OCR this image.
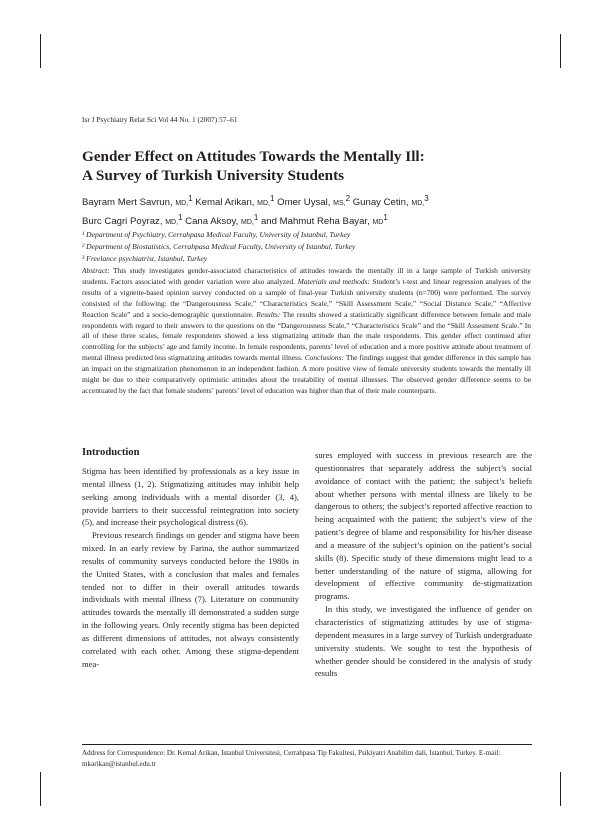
Isr J Psychiatry Relat Sci Vol 44 No. 1 (2007) 57–61
Gender Effect on Attitudes Towards the Mentally Ill:
A Survey of Turkish University Students
Bayram Mert Savrun, MD,$^1$ Kemal Arikan, MD,$^1$ Omer Uysal, MS,$^2$ Gunay Cetin, MD,$^3$
Burc Cagri Poyraz, MD,$^1$ Cana Aksoy, MD,$^1$ and Mahmut Reha Bayar, $MD^1$
¹ Department of Psychiatry, Cerrahpasa Medical Faculty, University of Istanbul, Turkey
² Department of Biostatistics, Cerrahpasa Medical Faculty, University of Istanbul, Turkey
³ Freelance psychiatrist, Istanbul, Turkey

Abstract: This study investigates gender-associated characteristics of attitudes towards the mentally ill in a large sample of Turkish university students. Factors associated with gender variation were also analyzed. Materials and methods: Student’s t-test and linear regression analyses of the results of a vignette-based opinion survey conducted on a sample of final-year Turkish university students (n=700) were performed. The survey consisted of the following: the “Dangerousness Scale,” “Characteristics Scale,” “Skill Assessment Scale,” “Social Distance Scale,” “Affective Reaction Scale” and a socio-demographic questionnaire. Results: The results showed a statistically significant difference between female and male respondents with regard to their answers to the questions on the “Dangerousness Scale,” “Characteristics Scale” and the “Skill Assesment Scale.” In all of these three scales, female respondents showed a less stigmatizing attitude than the male respondents. This gender effect continued after controlling for the subjects’ age and family income. In female respondents, parents’ level of education and a more positive attitude about treatment of mental illness predicted less stigmatizing attitudes towards mental illness. Conclusions: The findings suggest that gender difference in this sample has an impact on the stigmatization phenomenon in an independent fashion. A more positive view of female university students towards the mentally ill might be due to their comparatively optimistic attitudes about the treatability of mental illnesses. The observed gender difference seems to be accentuated by the fact that female students’ parents’ level of education was higher than that of their male counterparts.

Introduction

Stigma has been identified by professionals as a key issue in mental illness (1, 2). Stigmatizing attitudes may inhibit help seeking among individuals with a mental disorder (3, 4), provide barriers to their successful reintegration into society (5), and increase their psychological distress (6).

Previous research findings on gender and stigma have been mixed. In an early review by Farina, the author summarized results of community surveys conducted before the 1980s in the United States, with a conclusion that males and females tended not to differ in their overall attitudes towards individuals with mental illness (7). Literature on community attitudes towards the mentally ill demonstrated a sudden surge in the following years. Only recently stigma has been depicted as different dimensions of attitudes, not always consistently correlated with each other. Among these stigma-dependent mea-

sures employed with success in previous research are the questionnaires that separately address the subject’s social avoidance of contact with the patient; the subject’s beliefs about whether persons with mental illness are likely to be dangerous to others; the subject’s reported affective reaction to being acquainted with the patient; the subject’s view of the patient’s degree of blame and responsibility for his/her disease and a measure of the subject’s opinion on the patient’s social skills (8). Specific study of these dimensions might lead to a better understanding of the nature of stigma, allowing for development of effective community de-stigmatization programs.

In this study, we investigated the influence of gender on characteristics of stigmatizing attitudes by use of stigma-dependent measures in a large survey of Turkish undergraduate university students. We sought to test the hypothesis of whether gender should be considered in the analysis of study results

Address for Correspondence: Dr. Kemal Arikan, Istanbul Universitesi, Cerrahpasa Tip Fakultesi, Psikiyatri Anabilim dali, Istanbul, Turkey. E-mail: mkarikan@istanbul.edu.tr
